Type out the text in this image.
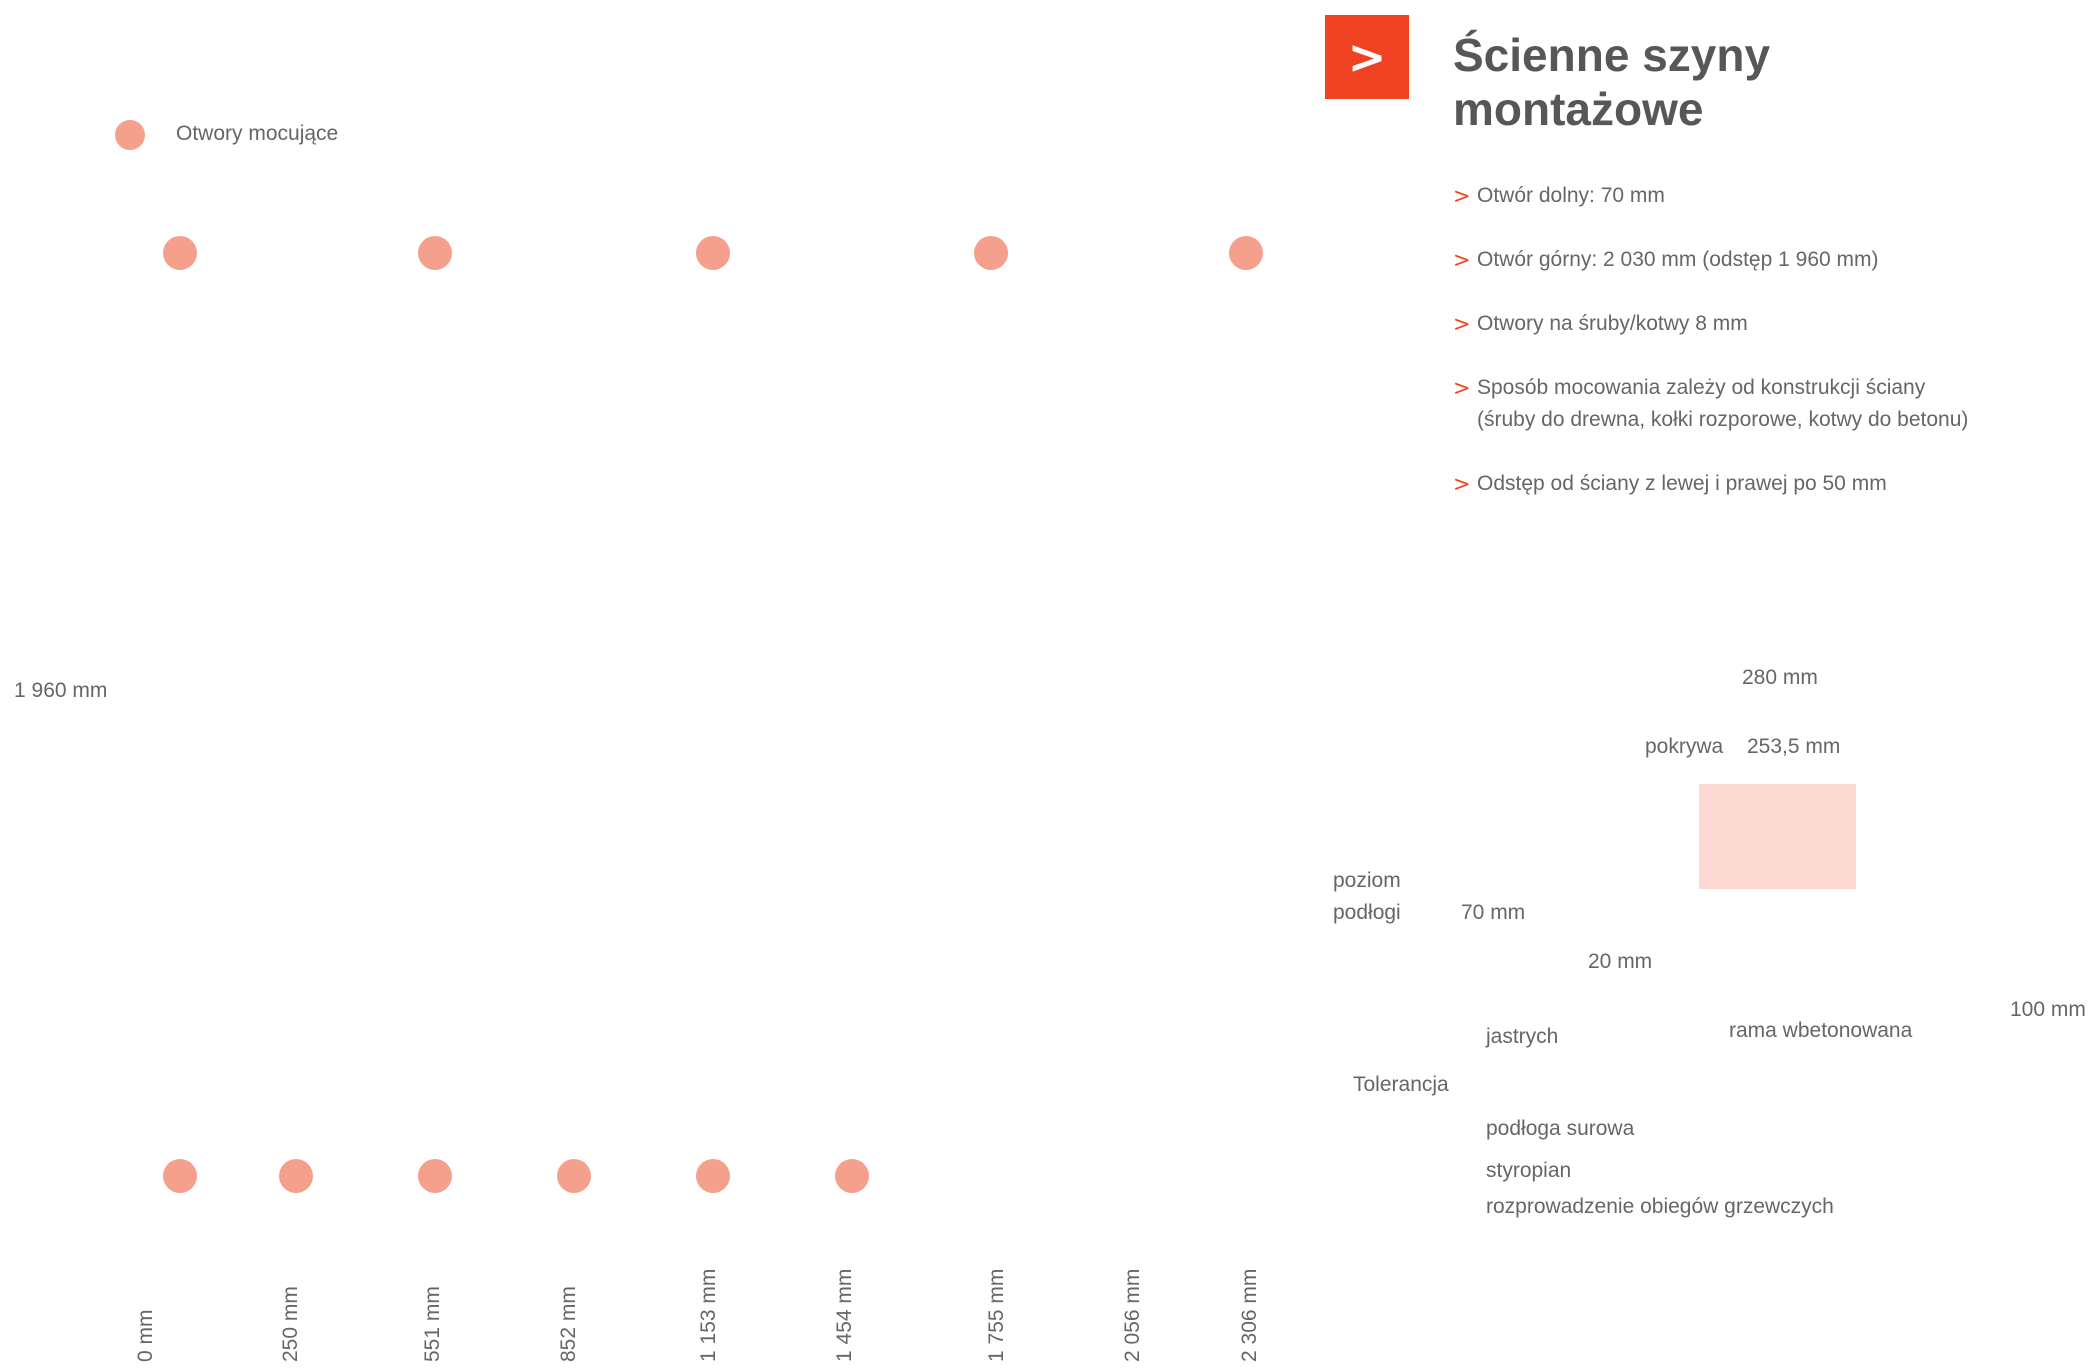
Otwory mocujące
0 mm	250 mm	551 mm	852 mm	1 153 mm	1 454 mm	1 755 mm	2 056 mm	2 306 mm
1 960 mm
>	Ścienne szyny montażowe
> Otwór dolny: 70 mm
> Otwór górny: 2 030 mm (odstęp 1 960 mm)
> Otwory na śruby/kotwy 8 mm
> Sposób mocowania zależy od konstrukcji ściany
(śruby do drewna, kołki rozporowe, kotwy do betonu)
> Odstęp od ściany z lewej i prawej po 50 mm
280 mm
pokrywa 253,5 mm
poziom
podłogi	70 mm
20 mm
100 mm
jastrych	rama wbetonowana
Tolerancja
podłoga surowa
styropian
rozprowadzenie obiegów grzewczych
